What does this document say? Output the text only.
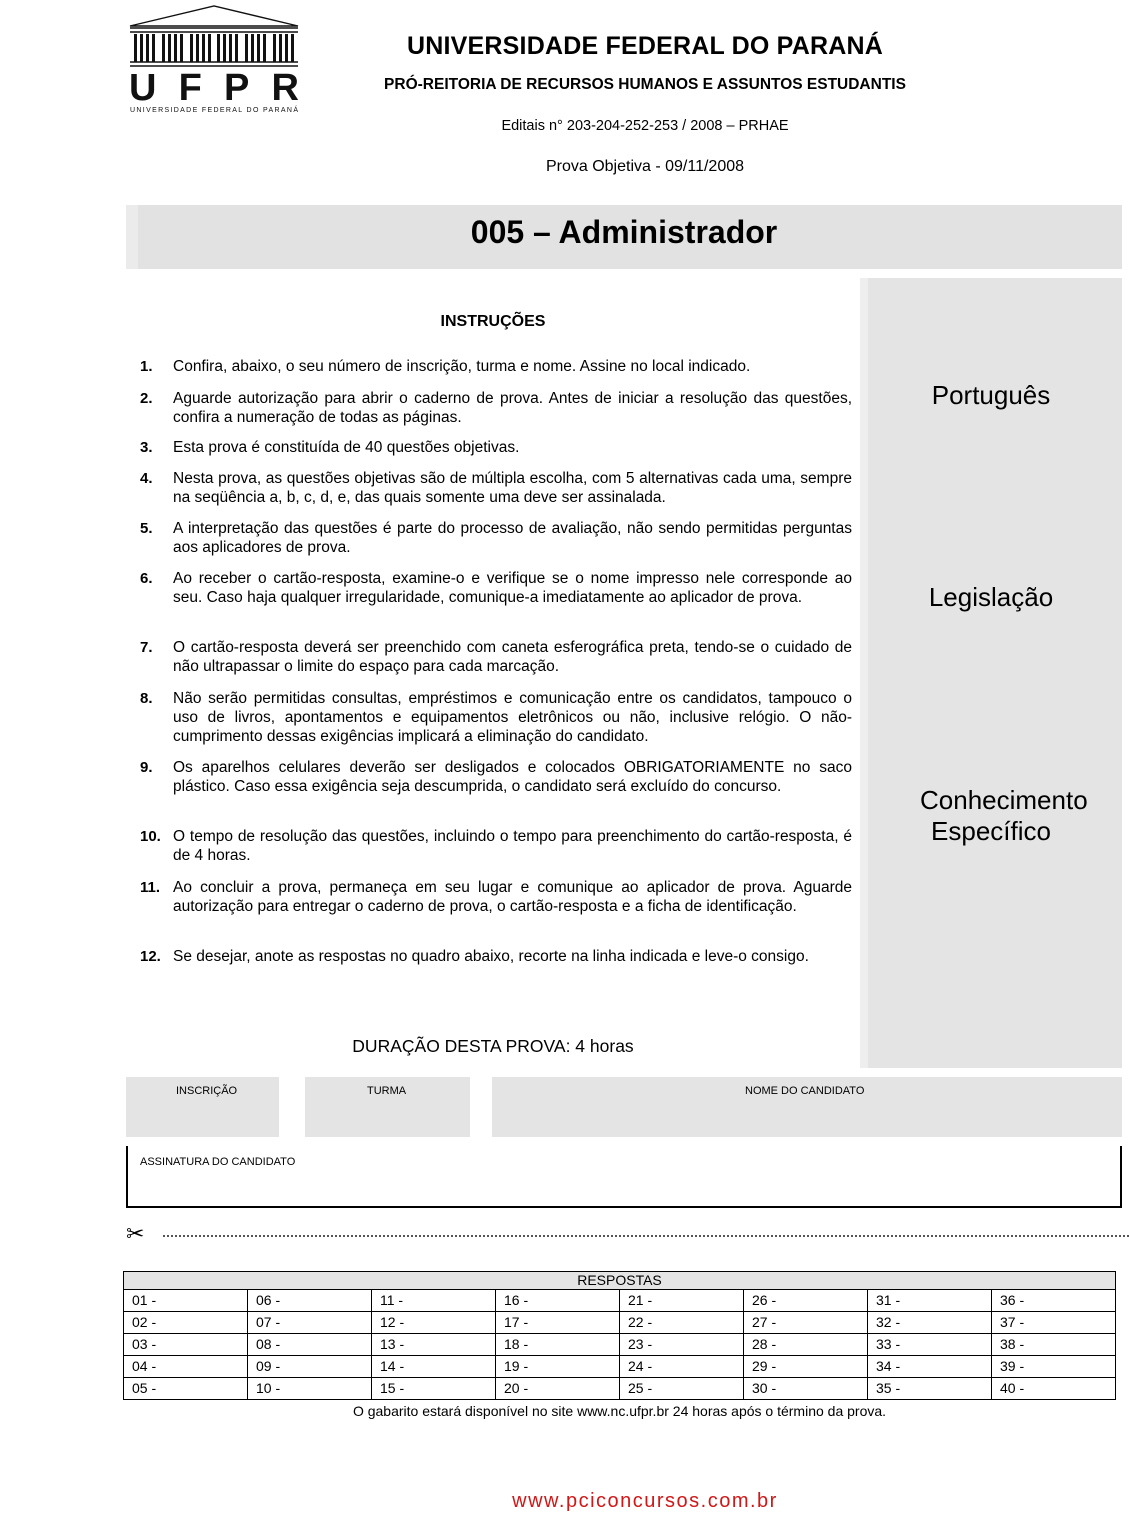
UFPR
UNIVERSIDADE FEDERAL DO PARANÁ
UNIVERSIDADE FEDERAL DO PARANÁ
PRÓ-REITORIA DE RECURSOS HUMANOS E ASSUNTOS ESTUDANTIS
Editais n° 203-204-252-253 / 2008 – PRHAE
Prova Objetiva - 09/11/2008
005 – Administrador
Português
Legislação
Conhecimento Específico
INSTRUÇÕES
1. Confira, abaixo, o seu número de inscrição, turma e nome. Assine no local indicado.
2. Aguarde autorização para abrir o caderno de prova. Antes de iniciar a resolução das questões, confira a numeração de todas as páginas.
3. Esta prova é constituída de 40 questões objetivas.
4. Nesta prova, as questões objetivas são de múltipla escolha, com 5 alternativas cada uma, sempre na seqüência a, b, c, d, e, das quais somente uma deve ser assinalada.
5. A interpretação das questões é parte do processo de avaliação, não sendo permitidas perguntas aos aplicadores de prova.
6. Ao receber o cartão-resposta, examine-o e verifique se o nome impresso nele corresponde ao seu. Caso haja qualquer irregularidade, comunique-a imediatamente ao aplicador de prova.
7. O cartão-resposta deverá ser preenchido com caneta esferográfica preta, tendo-se o cuidado de não ultrapassar o limite do espaço para cada marcação.
8. Não serão permitidas consultas, empréstimos e comunicação entre os candidatos, tampouco o uso de livros, apontamentos e equipamentos eletrônicos ou não, inclusive relógio. O não-cumprimento dessas exigências implicará a eliminação do candidato.
9. Os aparelhos celulares deverão ser desligados e colocados OBRIGATORIAMENTE no saco plástico. Caso essa exigência seja descumprida, o candidato será excluído do concurso.
10. O tempo de resolução das questões, incluindo o tempo para preenchimento do cartão-resposta, é de 4 horas.
11. Ao concluir a prova, permaneça em seu lugar e comunique ao aplicador de prova. Aguarde autorização para entregar o caderno de prova, o cartão-resposta e a ficha de identificação.
12. Se desejar, anote as respostas no quadro abaixo, recorte na linha indicada e leve-o consigo.
DURAÇÃO DESTA PROVA: 4 horas
INSCRIÇÃO	TURMA	NOME DO CANDIDATO
ASSINATURA DO CANDIDATO
✂
RESPOSTAS							
01 -	06 -	11 -	16 -	21 -	26 -	31 -	36 -
02 -	07 -	12 -	17 -	22 -	27 -	32 -	37 -
03 -	08 -	13 -	18 -	23 -	28 -	33 -	38 -
04 -	09 -	14 -	19 -	24 -	29 -	34 -	39 -
05 -	10 -	15 -	20 -	25 -	30 -	35 -	40 -
O gabarito estará disponível no site www.nc.ufpr.br 24 horas após o término da prova.
www.pciconcursos.com.br
